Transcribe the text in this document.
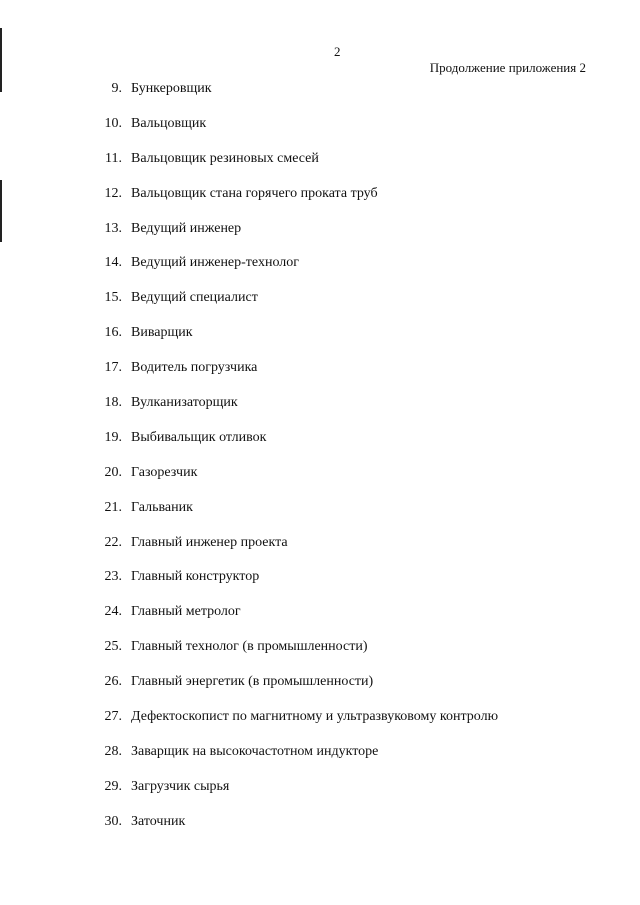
2
Продолжение приложения 2
9. Бункеровщик
10. Вальцовщик
11. Вальцовщик резиновых смесей
12. Вальцовщик стана горячего проката труб
13. Ведущий инженер
14. Ведущий инженер-технолог
15. Ведущий специалист
16. Виварщик
17. Водитель погрузчика
18. Вулканизаторщик
19. Выбивальщик отливок
20. Газорезчик
21. Гальваник
22. Главный инженер проекта
23. Главный конструктор
24. Главный метролог
25. Главный технолог (в промышленности)
26. Главный энергетик (в промышленности)
27. Дефектоскопист по магнитному и ультразвуковому контролю
28. Заварщик на высокочастотном индукторе
29. Загрузчик сырья
30. Заточник
